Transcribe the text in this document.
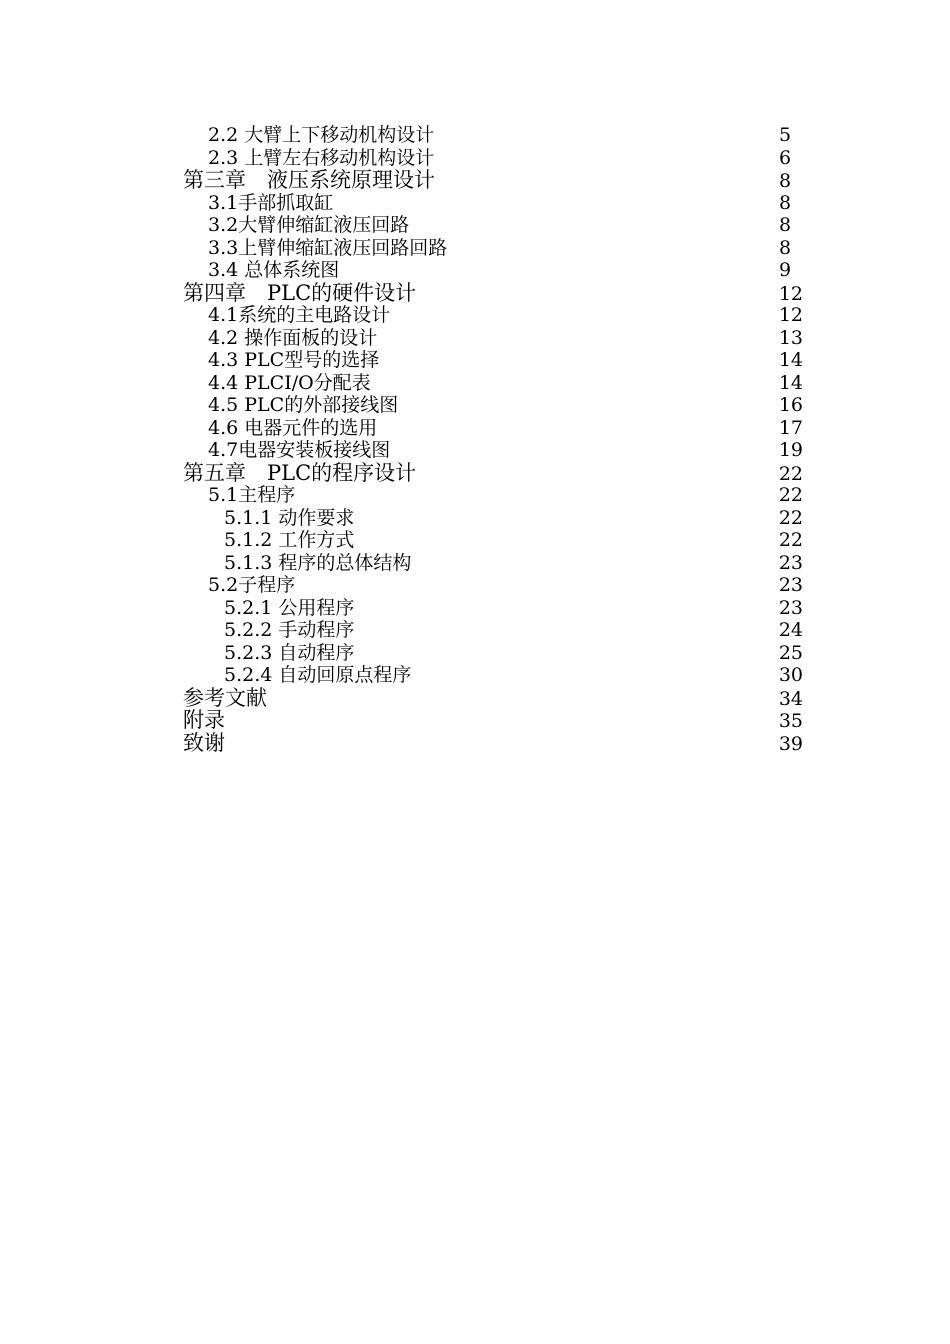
2.2 大臂上下移动机构设计	5
2.3 上臂左右移动机构设计	6
第三章　液压系统原理设计	8
3.1手部抓取缸	8
3.2大臂伸缩缸液压回路	8
3.3上臂伸缩缸液压回路回路	8
3.4 总体系统图	9
第四章　PLC的硬件设计	12
4.1系统的主电路设计	12
4.2 操作面板的设计	13
4.3 PLC型号的选择	14
4.4 PLCI/O分配表	14
4.5 PLC的外部接线图	16
4.6 电器元件的选用	17
4.7电器安装板接线图	19
第五章　PLC的程序设计	22
5.1主程序	22
5.1.1 动作要求	22
5.1.2 工作方式	22
5.1.3 程序的总体结构	23
5.2子程序	23
5.2.1 公用程序	23
5.2.2 手动程序	24
5.2.3 自动程序	25
5.2.4 自动回原点程序	30
参考文献	34
附录	35
致谢	39
